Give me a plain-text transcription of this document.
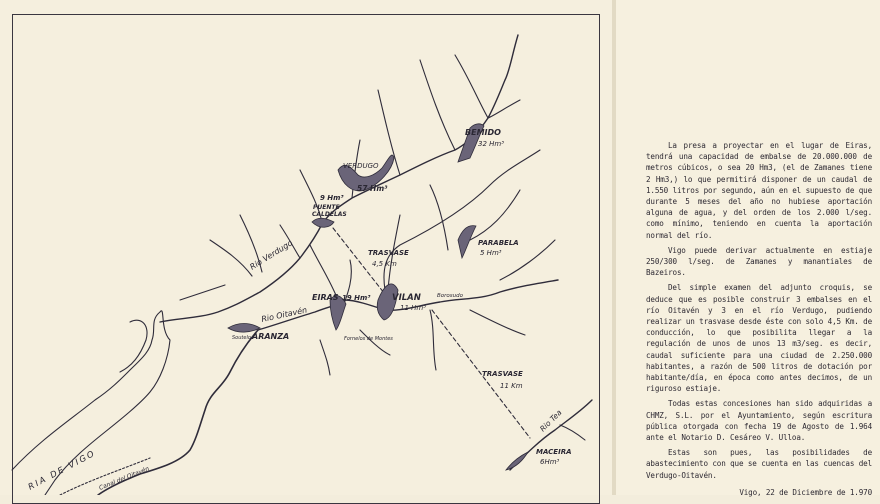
BEMIDO
32 Hm³
VERDUGO
57 Hm³
9 Hm³
PUENTE
CALDELAS
Rio Verdugo	TRASVASE
4,5 Km
PARABELA
5 Hm³
EIRAS 19 Hm³	VILAN
11 Hm³
Borosudo
Rio Oitavén
ARANZA
Soutelo	Fornelos de Montes
TRASVASE
11 Km
Rio Tea
MACEIRA
6Hm³
RIA DE VIGO Canal del Oitavén

La presa a proyectar en el lugar de Eiras, tendrá una capacidad de embalse de 20.000.000 de metros cúbicos, o sea 20 Hm3, (el de Zamanes tiene 2 Hm3,) lo que permitirá disponer de un caudal de 1.550 litros por segundo, aún en el supuesto de que durante 5 meses del año no hubiese aportación alguna de agua, y del orden de los 2.000 l/seg. como mínimo, teniendo en cuenta la aportación normal del río.

Vigo puede derivar actualmente en estiaje 250/300 l/seg. de Zamanes y manantiales de Bazeiros.

Del simple examen del adjunto croquis, se deduce que es posible construir 3 embalses en el río Oitavén y 3 en el río Verdugo, pudiendo realizar un trasvase desde éste con solo 4,5 Km. de conducción, lo que posibilita llegar a la regulación de unos de unos 13 m3/seg. es decir, caudal suficiente para una ciudad de 2.250.000 habitantes, a razón de 500 litros de dotación por habitante/día, en época como antes decimos, de un riguroso estiaje.

Todas estas concesiones han sido adquiridas a CHMZ, S.L. por el Ayuntamiento, según escritura pública otorgada con fecha 19 de Agosto de 1.964 ante el Notario D. Cesáreo V. Ulloa.

Estas son pues, las posibilidades de abastecimiento con que se cuenta en las cuencas del Verdugo-Oitavén.

Vigo, 22 de Diciembre de 1.970
